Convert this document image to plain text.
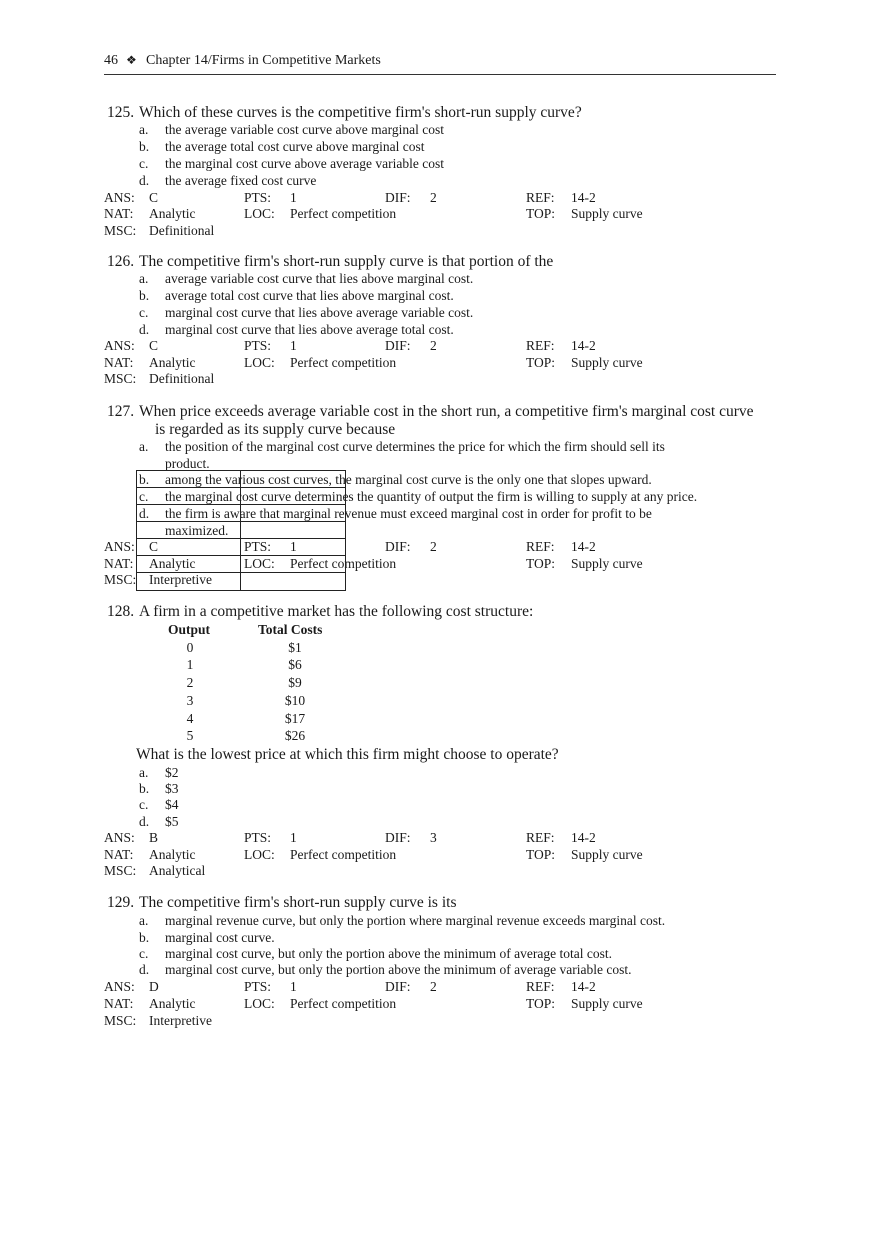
46 ❖ Chapter 14/Firms in Competitive Markets
125. Which of these curves is the competitive firm's short-run supply curve?
a. the average variable cost curve above marginal cost
b. the average total cost curve above marginal cost
c. the marginal cost curve above average variable cost
d. the average fixed cost curve
ANS: C	PTS: 1	DIF: 2	REF: 14-2
NAT: Analytic	LOC: Perfect competition	TOP: Supply curve
MSC: Definitional
126. The competitive firm's short-run supply curve is that portion of the
a. average variable cost curve that lies above marginal cost.
b. average total cost curve that lies above marginal cost.
c. marginal cost curve that lies above average variable cost.
d. marginal cost curve that lies above average total cost.
ANS: C	PTS: 1	DIF: 2	REF: 14-2
NAT: Analytic	LOC: Perfect competition	TOP: Supply curve
MSC: Definitional
127. When price exceeds average variable cost in the short run, a competitive firm's marginal cost curve
is regarded as its supply curve because
a. the position of the marginal cost curve determines the price for which the firm should sell its
product.
b. among the various cost curves, the marginal cost curve is the only one that slopes upward.
c. the marginal cost curve determines the quantity of output the firm is willing to supply at any price.
d. the firm is aware that marginal revenue must exceed marginal cost in order for profit to be
maximized.
ANS: C	PTS: 1	DIF: 2	REF: 14-2
NAT: Analytic	LOC: Perfect competition	TOP: Supply curve
MSC: Interpretive
128. A firm in a competitive market has the following cost structure:
Output	Total Costs
0	$1
1	$6
2	$9
3	$10
4	$17
5	$26
What is the lowest price at which this firm might choose to operate?
a. $2
b. $3
c. $4
d. $5
ANS: B	PTS: 1	DIF: 3	REF: 14-2
NAT: Analytic	LOC: Perfect competition	TOP: Supply curve
MSC: Analytical
129. The competitive firm's short-run supply curve is its
a. marginal revenue curve, but only the portion where marginal revenue exceeds marginal cost.
b. marginal cost curve.
c. marginal cost curve, but only the portion above the minimum of average total cost.
d. marginal cost curve, but only the portion above the minimum of average variable cost.
ANS: D	PTS: 1	DIF: 2	REF: 14-2
NAT: Analytic	LOC: Perfect competition	TOP: Supply curve
MSC: Interpretive
